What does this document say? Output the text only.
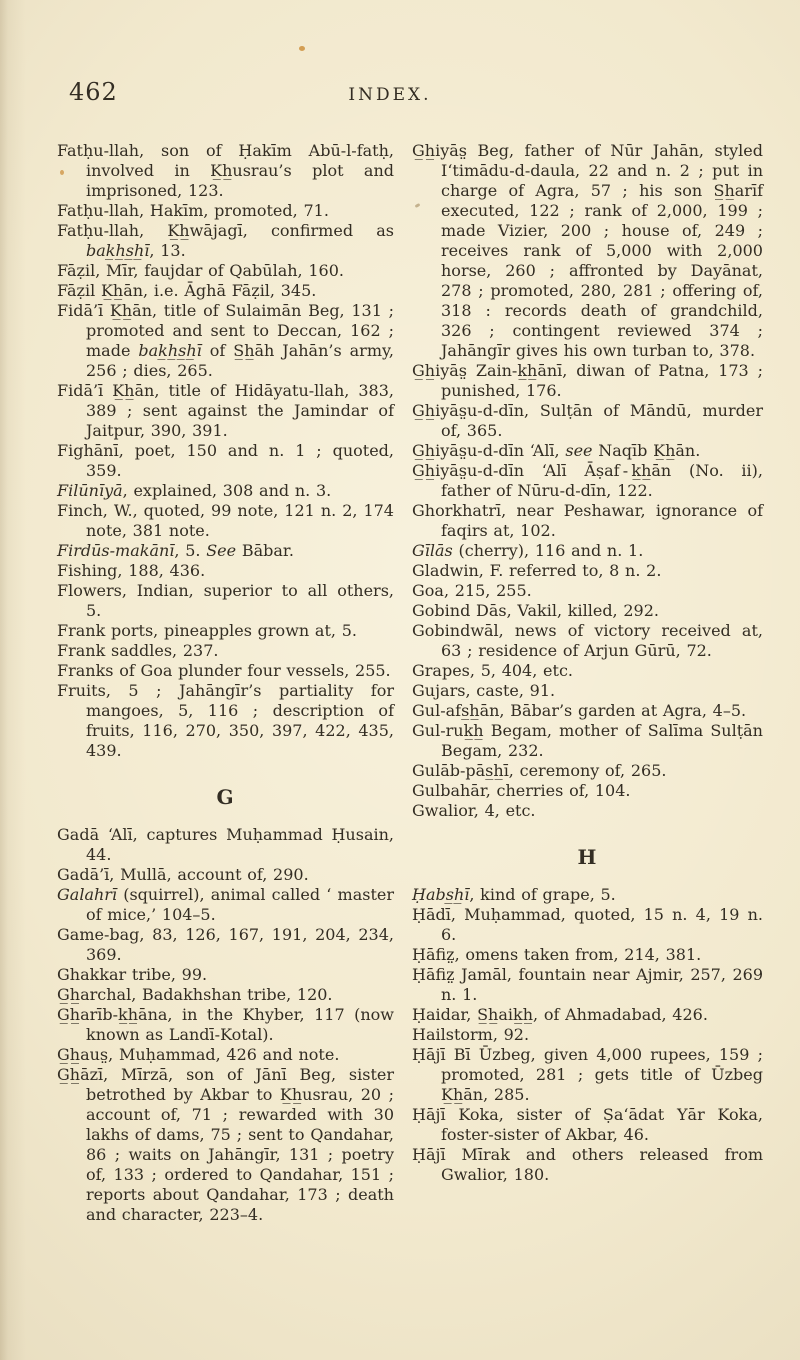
462	INDEX.

Fatḥu-llah, son of Ḥakīm Abū-l-fatḥ, involved in K̲h̲usrau’s plot and imprisoned, 123.

Fatḥu-llah, Hakīm, promoted, 71.

Fatḥu-llah, K̲h̲wājagī, confirmed as bak̲h̲s̲h̲ī, 13.

Fāẓil, Mīr, faujdar of Qabūlah, 160.

Fāẓil K̲h̲ān, i.e. Āghā Fāẓil, 345.

Fidā’ī K̲h̲ān, title of Sulaimān Beg, 131 ; promoted and sent to Deccan, 162 ; made bak̲h̲s̲h̲ī of S̲h̲āh Jahān’s army, 256 ; dies, 265.

Fidā’ī K̲h̲ān, title of Hidāyatu-llah, 383, 389 ; sent against the Jamindar of Jaitpur, 390, 391.

Fighānī, poet, 150 and n. 1 ; quoted, 359.

Filūnīyā, explained, 308 and n. 3.

Finch, W., quoted, 99 note, 121 n. 2, 174 note, 381 note.

Firdūs-makānī, 5. See Bābar.

Fishing, 188, 436.

Flowers, Indian, superior to all others, 5.

Frank ports, pineapples grown at, 5.

Frank saddles, 237.

Franks of Goa plunder four vessels, 255.

Fruits, 5 ; Jahāngīr’s partiality for mangoes, 5, 116 ; description of fruits, 116, 270, 350, 397, 422, 435, 439.

G

Gadā ‘Alī, captures Muḥammad Ḥusain, 44.

Gadā’ī, Mullā, account of, 290.

Galahrī (squirrel), animal called ‘ master of mice,’ 104–5.

Game-bag, 83, 126, 167, 191, 204, 234, 369.

Ghakkar tribe, 99.

G̲h̲archal, Badakhshan tribe, 120.

G̲h̲arīb-k̲h̲āna, in the Khyber, 117 (now known as Landī-Kotal).

G̲h̲aus̤, Muḥammad, 426 and note.

G̲h̲āzī, Mīrzā, son of Jānī Beg, sister betrothed by Akbar to K̲h̲usrau, 20 ; account of, 71 ; rewarded with 30 lakhs of dams, 75 ; sent to Qandahar, 86 ; waits on Jahāngīr, 131 ; poetry of, 133 ; ordered to Qandahar, 151 ; reports about Qandahar, 173 ; death and character, 223–4.

G̲h̲iyās̤ Beg, father of Nūr Jahān, styled I‘timādu-d-daula, 22 and n. 2 ; put in charge of Agra, 57 ; his son S̲h̲arīf executed, 122 ; rank of 2,000, 199 ; made Vizier, 200 ; house of, 249 ; receives rank of 5,000 with 2,000 horse, 260 ; affronted by Dayānat, 278 ; promoted, 280, 281 ; offering of, 318 : records death of grandchild, 326 ; contingent reviewed 374 ; Jahāngīr gives his own turban to, 378.

G̲h̲iyās̤ Zain-k̲h̲ānī, diwan of Patna, 173 ; punished, 176.

G̲h̲iyās̤u-d-dīn, Sulṭān of Māndū, murder of, 365.

G̲h̲iyās̤u-d-dīn ‘Alī, see Naqīb K̲h̲ān.

G̲h̲iyās̤u-d-dīn ‘Alī Āṣaf - k̲h̲ān (No. ii), father of Nūru-d-dīn, 122.

Ghorkhatrī, near Peshawar, ignorance of faqirs at, 102.

Gīlās (cherry), 116 and n. 1.

Gladwin, F. referred to, 8 n. 2.

Goa, 215, 255.

Gobind Dās, Vakil, killed, 292.

Gobindwāl, news of victory received at, 63 ; residence of Arjun Gūrū, 72.

Grapes, 5, 404, etc.

Gujars, caste, 91.

Gul-afs̲h̲ān, Bābar’s garden at Agra, 4–5.

Gul-ruk̲h̲ Begam, mother of Salīma Sulṭān Begam, 232.

Gulāb-pās̲h̲ī, ceremony of, 265.

Gulbahār, cherries of, 104.

Gwalior, 4, etc.

H

Ḥabs̲h̲ī, kind of grape, 5.

Ḥādī, Muḥammad, quoted, 15 n. 4, 19 n. 6.

Ḥāfiz̤, omens taken from, 214, 381.

Ḥāfiz̤ Jamāl, fountain near Ajmir, 257, 269 n. 1.

Ḥaidar, S̲h̲aik̲h̲, of Ahmadabad, 426.

Hailstorm, 92.

Ḥājī Bī Ūzbeg, given 4,000 rupees, 159 ; promoted, 281 ; gets title of Ūzbeg K̲h̲ān, 285.

Ḥājī Koka, sister of Ṣa‘ādat Yār Koka, foster-sister of Akbar, 46.

Ḥājī Mīrak and others released from Gwalior, 180.
